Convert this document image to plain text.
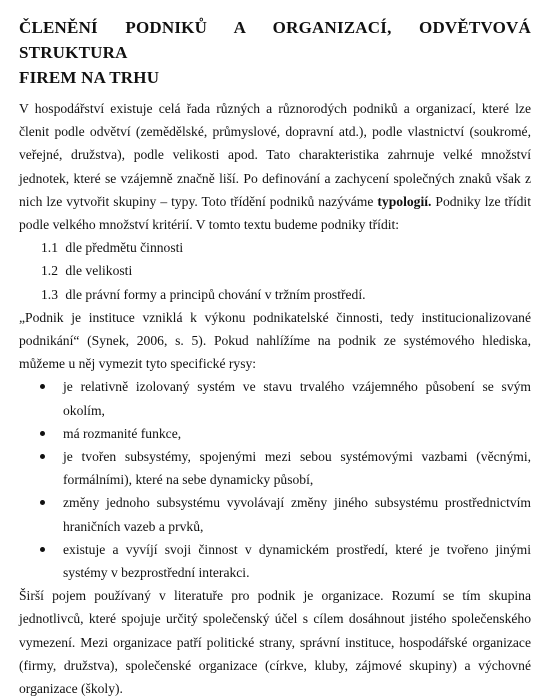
ČLENĚNÍ PODNIKŮ A ORGANIZACÍ, ODVĚTVOVÁ STRUKTURA
FIREM NA TRHU

V hospodářství existuje celá řada různých a různorodých podniků a organizací, které lze členit podle odvětví (zemědělské, průmyslové, dopravní atd.), podle vlastnictví (soukromé, veřejné, družstva), podle velikosti apod. Tato charakteristika zahrnuje velké množství jednotek, které se vzájemně značně liší. Po definování a zachycení společných znaků však z nich lze vytvořit skupiny – typy. Toto třídění podniků nazýváme typologií. Podniky lze třídit podle velkého množství kritérií. V tomto textu budeme podniky třídit:

1.1 dle předmětu činnosti
1.2 dle velikosti
1.3 dle právní formy a principů chování v tržním prostředí.

„Podnik je instituce vzniklá k výkonu podnikatelské činnosti, tedy institucionalizované podnikání“ (Synek, 2006, s. 5). Pokud nahlížíme na podnik ze systémového hlediska, můžeme u něj vymezit tyto specifické rysy:

je relativně izolovaný systém ve stavu trvalého vzájemného působení se svým okolím,
má rozmanité funkce,
je tvořen subsystémy, spojenými mezi sebou systémovými vazbami (věcnými, formálními), které na sebe dynamicky působí,
změny jednoho subsystému vyvolávají změny jiného subsystému prostřednictvím hraničních vazeb a prvků,
existuje a vyvíjí svoji činnost v dynamickém prostředí, které je tvořeno jinými systémy v bezprostřední interakci.

Širší pojem používaný v literatuře pro podnik je organizace. Rozumí se tím skupina jednotlivců, které spojuje určitý společenský účel s cílem dosáhnout jistého společenského vymezení. Mezi organizace patří politické strany, správní instituce, hospodářské organizace (firmy, družstva), společenské organizace (církve, kluby, zájmové skupiny) a výchovné organizace (školy).
